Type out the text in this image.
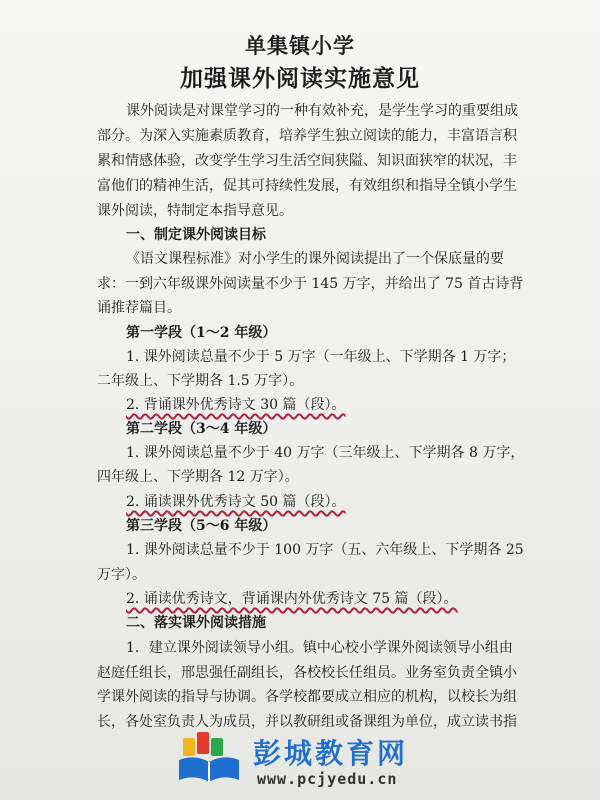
单集镇小学
加强课外阅读实施意见
课外阅读是对课堂学习的一种有效补充，是学生学习的重要组成
部分。为深入实施素质教育，培养学生独立阅读的能力，丰富语言积
累和情感体验，改变学生学习生活空间狭隘、知识面狭窄的状况，丰
富他们的精神生活，促其可持续性发展，有效组织和指导全镇小学生
课外阅读，特制定本指导意见。
一、制定课外阅读目标
《语文课程标准》对小学生的课外阅读提出了一个保底量的要
求：一到六年级课外阅读量不少于 145 万字，并给出了 75 首古诗背
诵推荐篇目。
第一学段（1～2 年级）
1. 课外阅读总量不少于 5 万字（一年级上、下学期各 1 万字；
二年级上、下学期各 1.5 万字）。
2. 背诵课外优秀诗文 30 篇（段）。
第二学段（3～4 年级）
1. 课外阅读总量不少于 40 万字（三年级上、下学期各 8 万字，
四年级上、下学期各 12 万字）。
2. 诵读课外优秀诗文 50 篇（段）。
第三学段（5～6 年级）
1. 课外阅读总量不少于 100 万字（五、六年级上、下学期各 25
万字）。
2. 诵读优秀诗文，背诵课内外优秀诗文 75 篇（段）。
二、落实课外阅读措施
1．建立课外阅读领导小组。镇中心校小学课外阅读领导小组由
赵庭任组长，邢思强任副组长，各校校长任组员。业务室负责全镇小
学课外阅读的指导与协调。各学校都要成立相应的机构，以校长为组
长，各处室负责人为成员，并以教研组或备课组为单位，成立读书指
彭城教育网
www.pcjyedu.cn
